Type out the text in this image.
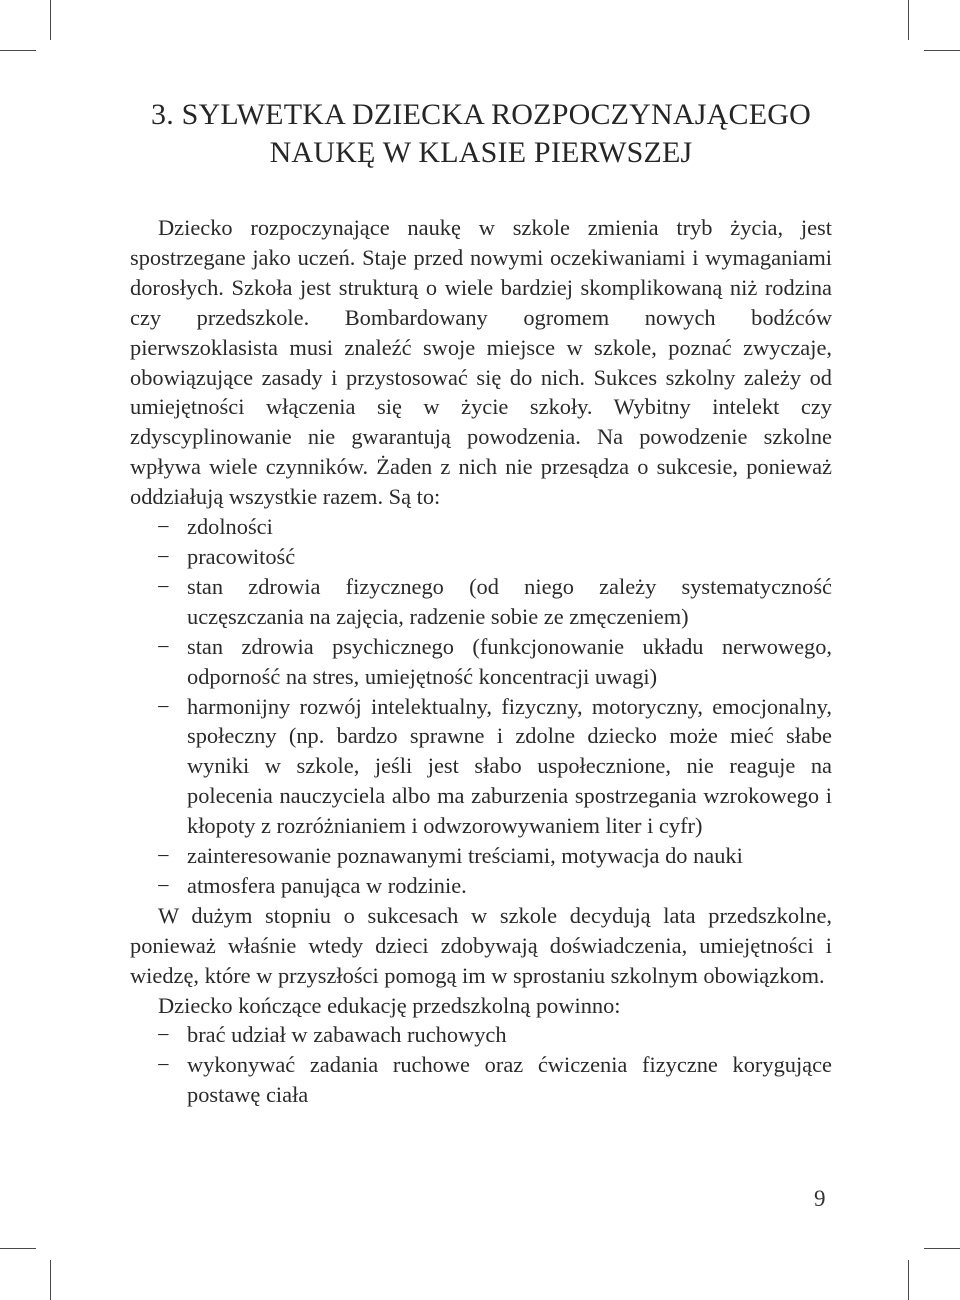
3. SYLWETKA DZIECKA ROZPOCZYNAJĄCEGO
NAUKĘ W KLASIE PIERWSZEJ

Dziecko rozpoczynające naukę w szkole zmienia tryb życia, jest spostrzegane jako uczeń. Staje przed nowymi oczekiwaniami i wymaganiami dorosłych. Szkoła jest strukturą o wiele bardziej skomplikowaną niż rodzina czy przedszkole. Bombardowany ogromem nowych bodźców pierwszoklasista musi znaleźć swoje miejsce w szkole, poznać zwyczaje, obowiązujące zasady i przystosować się do nich. Sukces szkolny zależy od umiejętności włączenia się w życie szkoły. Wybitny intelekt czy zdyscyplinowanie nie gwarantują powodzenia. Na powodzenie szkolne wpływa wiele czynników. Żaden z nich nie przesądza o sukcesie, ponieważ oddziałują wszystkie razem. Są to:

− zdolności
− pracowitość
− stan zdrowia fizycznego (od niego zależy systematyczność uczęszczania na zajęcia, radzenie sobie ze zmęczeniem)
− stan zdrowia psychicznego (funkcjonowanie układu nerwowego, odporność na stres, umiejętność koncentracji uwagi)
− harmonijny rozwój intelektualny, fizyczny, motoryczny, emocjonalny, społeczny (np. bardzo sprawne i zdolne dziecko może mieć słabe wyniki w szkole, jeśli jest słabo uspołecznione, nie reaguje na polecenia nauczyciela albo ma zaburzenia spostrzegania wzrokowego i kłopoty z rozróżnianiem i odwzorowywaniem liter i cyfr)
− zainteresowanie poznawanymi treściami, motywacja do nauki
− atmosfera panująca w rodzinie.

W dużym stopniu o sukcesach w szkole decydują lata przedszkolne, ponieważ właśnie wtedy dzieci zdobywają doświadczenia, umiejętności i wiedzę, które w przyszłości pomogą im w sprostaniu szkolnym obowiązkom.

Dziecko kończące edukację przedszkolną powinno:

− brać udział w zabawach ruchowych
− wykonywać zadania ruchowe oraz ćwiczenia fizyczne korygujące postawę ciała
9
